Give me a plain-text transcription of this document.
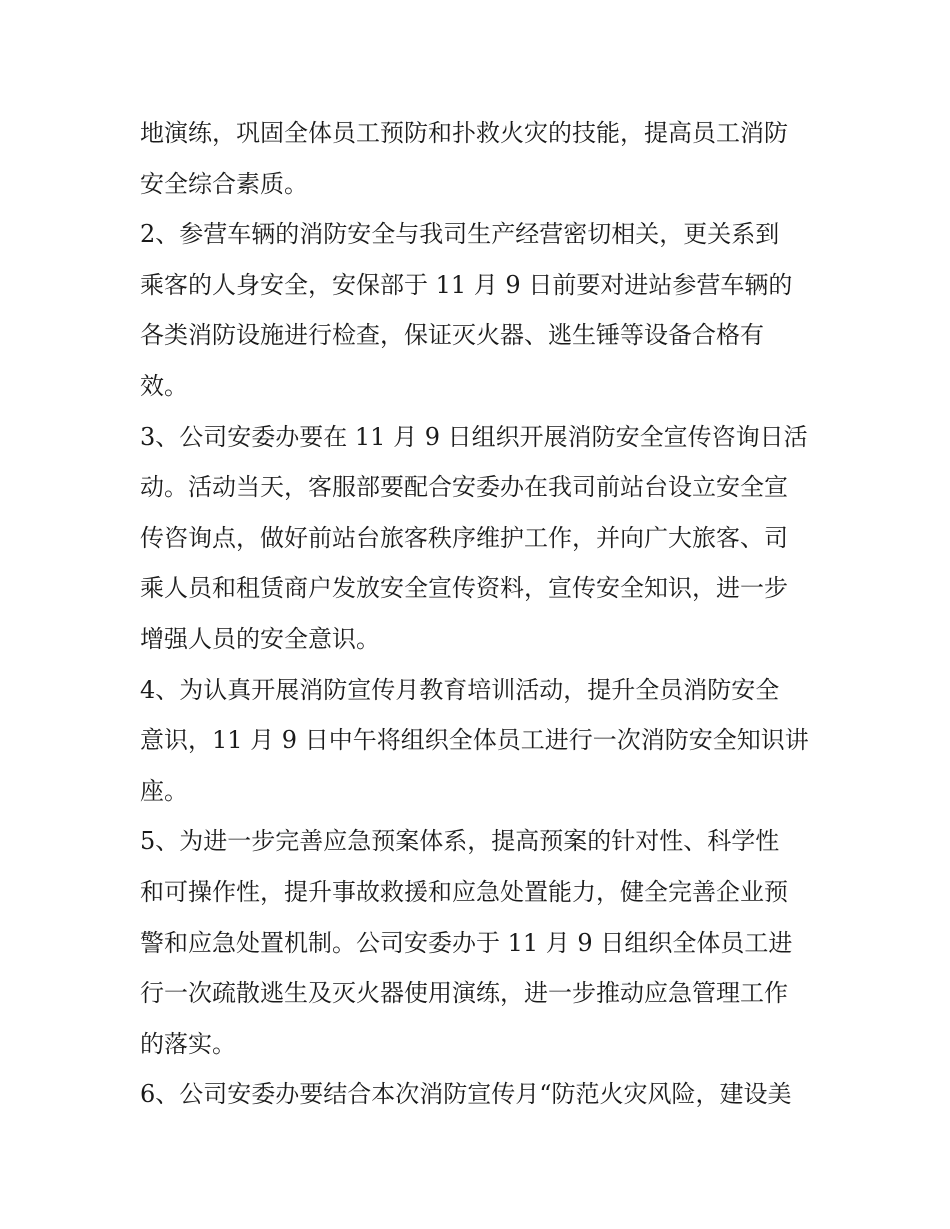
地演练，巩固全体员工预防和扑救火灾的技能，提高员工消防
安全综合素质。
2、参营车辆的消防安全与我司生产经营密切相关，更关系到
乘客的人身安全，安保部于 11 月 9 日前要对进站参营车辆的
各类消防设施进行检查，保证灭火器、逃生锤等设备合格有
效。
3、公司安委办要在 11 月 9 日组织开展消防安全宣传咨询日活
动。活动当天，客服部要配合安委办在我司前站台设立安全宣
传咨询点，做好前站台旅客秩序维护工作，并向广大旅客、司
乘人员和租赁商户发放安全宣传资料，宣传安全知识，进一步
增强人员的安全意识。
4、为认真开展消防宣传月教育培训活动，提升全员消防安全
意识，11 月 9 日中午将组织全体员工进行一次消防安全知识讲
座。
5、为进一步完善应急预案体系，提高预案的针对性、科学性
和可操作性，提升事故救援和应急处置能力，健全完善企业预
警和应急处置机制。公司安委办于 11 月 9 日组织全体员工进
行一次疏散逃生及灭火器使用演练，进一步推动应急管理工作
的落实。
6、公司安委办要结合本次消防宣传月“防范火灾风险，建设美
